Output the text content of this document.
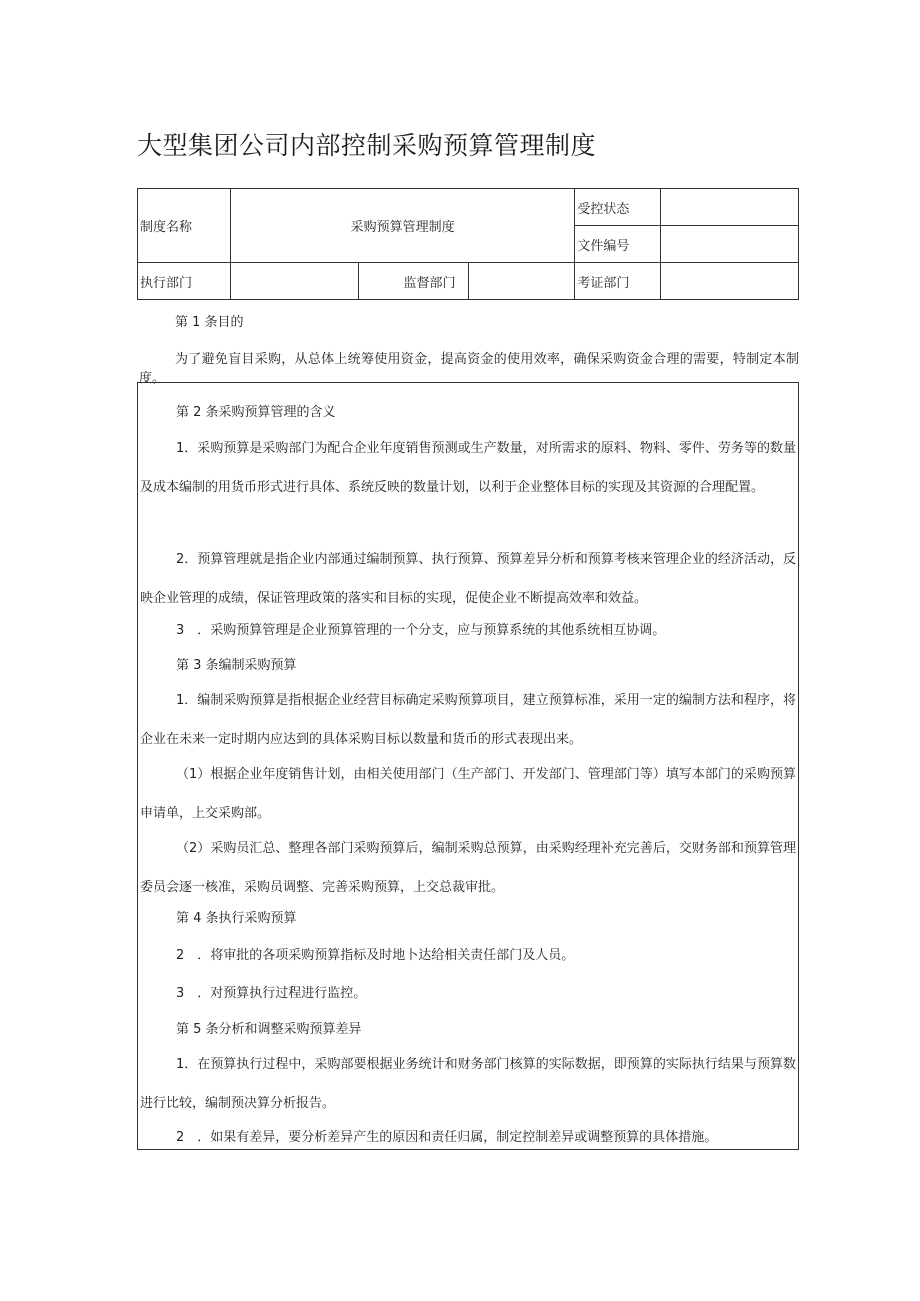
大型集团公司内部控制采购预算管理制度
制度名称	采购预算管理制度			受控状态	
				文件编号	
执行部门		监督部门		考证部门	

第 1 条目的

为了避免盲目采购，从总体上统筹使用资金，提高资金的使用效率，确保采购资金合理的需要，特制定本制度。

第 2 条采购预算管理的含义

1．采购预算是采购部门为配合企业年度销售预测或生产数量，对所需求的原料、物料、零件、劳务等的数量及成本编制的用货币形式进行具体、系统反映的数量计划，以利于企业整体目标的实现及其资源的合理配置。

2．预算管理就是指企业内部通过编制预算、执行预算、预算差异分析和预算考核来管理企业的经济活动，反映企业管理的成绩，保证管理政策的落实和目标的实现，促使企业不断提高效率和效益。

3　．采购预算管理是企业预算管理的一个分支，应与预算系统的其他系统相互协调。

第 3 条编制采购预算

1．编制采购预算是指根据企业经营目标确定采购预算项目，建立预算标准，采用一定的编制方法和程序，将企业在未来一定时期内应达到的具体采购目标以数量和货币的形式表现出来。

（1）根据企业年度销售计划，由相关使用部门（生产部门、开发部门、管理部门等）填写本部门的采购预算申请单，上交采购部。

（2）采购员汇总、整理各部门采购预算后，编制采购总预算，由采购经理补充完善后，交财务部和预算管理委员会逐一核准，采购员调整、完善采购预算，上交总裁审批。

第 4 条执行采购预算

2　．将审批的各项采购预算指标及时地卜达给相关责任部门及人员。

3　．对预算执行过程进行监控。

第 5 条分析和调整采购预算差异

1．在预算执行过程中，采购部要根据业务统计和财务部门核算的实际数据，即预算的实际执行结果与预算数进行比较，编制预决算分析报告。

2　．如果有差异，要分析差异产生的原因和责任归属，制定控制差异或调整预算的具体措施。
